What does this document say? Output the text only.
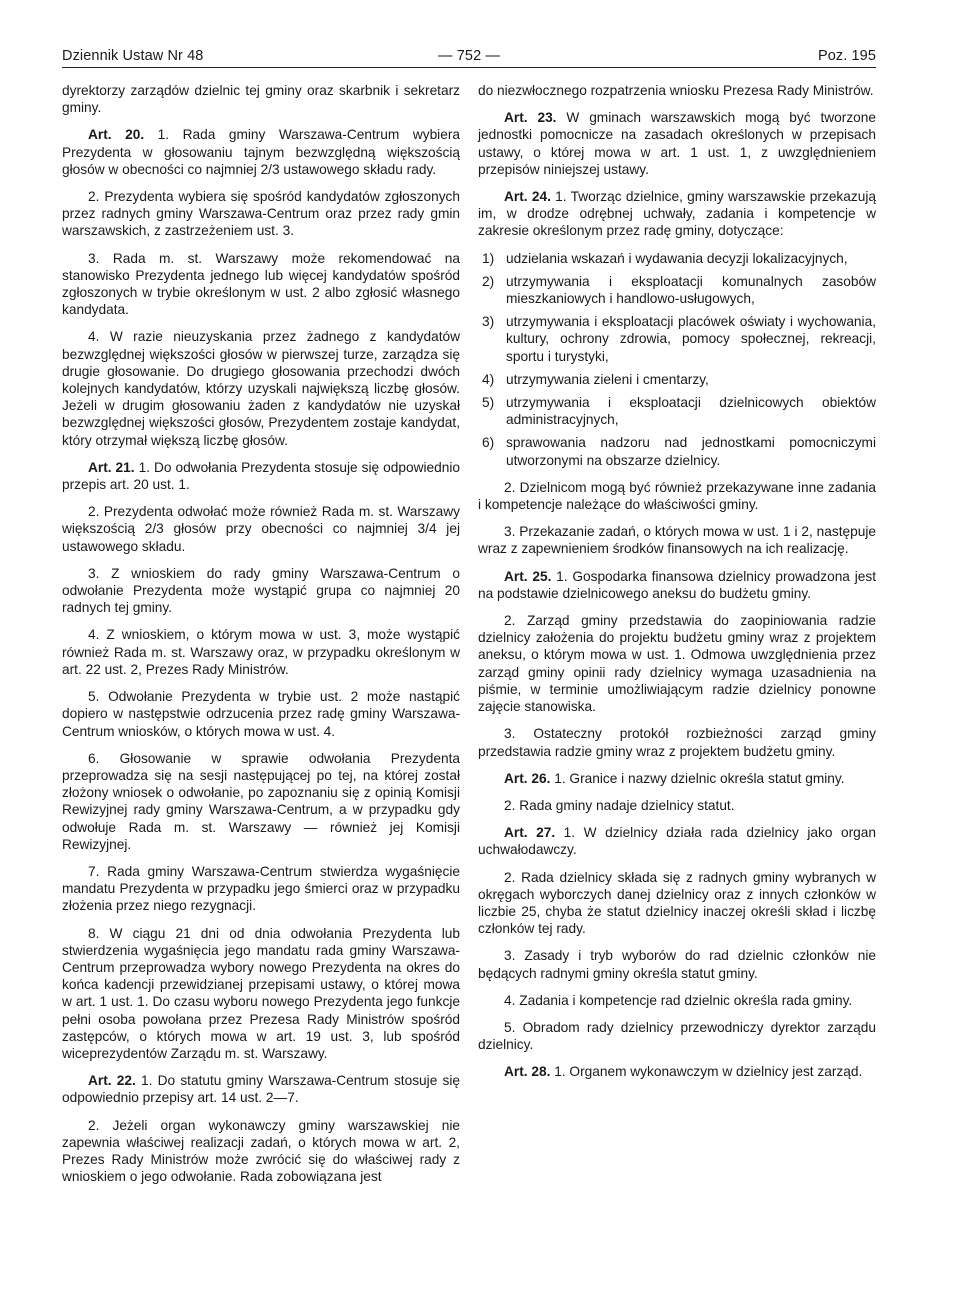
Dziennik Ustaw Nr 48	— 752 —	Poz. 195

dyrektorzy zarządów dzielnic tej gminy oraz skarbnik i sekretarz gminy.

Art. 20. 1. Rada gminy Warszawa-Centrum wybiera Prezydenta w głosowaniu tajnym bezwzględną większością głosów w obecności co najmniej 2/3 ustawowego składu rady.

2. Prezydenta wybiera się spośród kandydatów zgłoszonych przez radnych gminy Warszawa-Centrum oraz przez rady gmin warszawskich, z zastrzeżeniem ust. 3.

3. Rada m. st. Warszawy może rekomendować na stanowisko Prezydenta jednego lub więcej kandydatów spośród zgłoszonych w trybie określonym w ust. 2 albo zgłosić własnego kandydata.

4. W razie nieuzyskania przez żadnego z kandydatów bezwzględnej większości głosów w pierwszej turze, zarządza się drugie głosowanie. Do drugiego głosowania przechodzi dwóch kolejnych kandydatów, którzy uzyskali największą liczbę głosów. Jeżeli w drugim głosowaniu żaden z kandydatów nie uzyskał bezwzględnej większości głosów, Prezydentem zostaje kandydat, który otrzymał większą liczbę głosów.

Art. 21. 1. Do odwołania Prezydenta stosuje się odpowiednio przepis art. 20 ust. 1.

2. Prezydenta odwołać może również Rada m. st. Warszawy większością 2/3 głosów przy obecności co najmniej 3/4 jej ustawowego składu.

3. Z wnioskiem do rady gminy Warszawa-Centrum o odwołanie Prezydenta może wystąpić grupa co najmniej 20 radnych tej gminy.

4. Z wnioskiem, o którym mowa w ust. 3, może wystąpić również Rada m. st. Warszawy oraz, w przypadku określonym w art. 22 ust. 2, Prezes Rady Ministrów.

5. Odwołanie Prezydenta w trybie ust. 2 może nastąpić dopiero w następstwie odrzucenia przez radę gminy Warszawa-Centrum wniosków, o których mowa w ust. 4.

6. Głosowanie w sprawie odwołania Prezydenta przeprowadza się na sesji następującej po tej, na której został złożony wniosek o odwołanie, po zapoznaniu się z opinią Komisji Rewizyjnej rady gminy Warszawa-Centrum, a w przypadku gdy odwołuje Rada m. st. Warszawy — również jej Komisji Rewizyjnej.

7. Rada gminy Warszawa-Centrum stwierdza wygaśnięcie mandatu Prezydenta w przypadku jego śmierci oraz w przypadku złożenia przez niego rezygnacji.

8. W ciągu 21 dni od dnia odwołania Prezydenta lub stwierdzenia wygaśnięcia jego mandatu rada gminy Warszawa-Centrum przeprowadza wybory nowego Prezydenta na okres do końca kadencji przewidzianej przepisami ustawy, o której mowa w art. 1 ust. 1. Do czasu wyboru nowego Prezydenta jego funkcje pełni osoba powołana przez Prezesa Rady Ministrów spośród zastępców, o których mowa w art. 19 ust. 3, lub spośród wiceprezydentów Zarządu m. st. Warszawy.

Art. 22. 1. Do statutu gminy Warszawa-Centrum stosuje się odpowiednio przepisy art. 14 ust. 2—7.

2. Jeżeli organ wykonawczy gminy warszawskiej nie zapewnia właściwej realizacji zadań, o których mowa w art. 2, Prezes Rady Ministrów może zwrócić się do właściwej rady z wnioskiem o jego odwołanie. Rada zobowiązana jest

do niezwłocznego rozpatrzenia wniosku Prezesa Rady Ministrów.

Art. 23. W gminach warszawskich mogą być tworzone jednostki pomocnicze na zasadach określonych w przepisach ustawy, o której mowa w art. 1 ust. 1, z uwzględnieniem przepisów niniejszej ustawy.

Art. 24. 1. Tworząc dzielnice, gminy warszawskie przekazują im, w drodze odrębnej uchwały, zadania i kompetencje w zakresie określonym przez radę gminy, dotyczące:

1) udzielania wskazań i wydawania decyzji lokalizacyjnych,
2) utrzymywania i eksploatacji komunalnych zasobów mieszkaniowych i handlowo-usługowych,
3) utrzymywania i eksploatacji placówek oświaty i wychowania, kultury, ochrony zdrowia, pomocy społecznej, rekreacji, sportu i turystyki,
4) utrzymywania zieleni i cmentarzy,
5) utrzymywania i eksploatacji dzielnicowych obiektów administracyjnych,
6) sprawowania nadzoru nad jednostkami pomocniczymi utworzonymi na obszarze dzielnicy.

2. Dzielnicom mogą być również przekazywane inne zadania i kompetencje należące do właściwości gminy.

3. Przekazanie zadań, o których mowa w ust. 1 i 2, następuje wraz z zapewnieniem środków finansowych na ich realizację.

Art. 25. 1. Gospodarka finansowa dzielnicy prowadzona jest na podstawie dzielnicowego aneksu do budżetu gminy.

2. Zarząd gminy przedstawia do zaopiniowania radzie dzielnicy założenia do projektu budżetu gminy wraz z projektem aneksu, o którym mowa w ust. 1. Odmowa uwzględnienia przez zarząd gminy opinii rady dzielnicy wymaga uzasadnienia na piśmie, w terminie umożliwiającym radzie dzielnicy ponowne zajęcie stanowiska.

3. Ostateczny protokół rozbieżności zarząd gminy przedstawia radzie gminy wraz z projektem budżetu gminy.

Art. 26. 1. Granice i nazwy dzielnic określa statut gminy.

2. Rada gminy nadaje dzielnicy statut.

Art. 27. 1. W dzielnicy działa rada dzielnicy jako organ uchwałodawczy.

2. Rada dzielnicy składa się z radnych gminy wybranych w okręgach wyborczych danej dzielnicy oraz z innych członków w liczbie 25, chyba że statut dzielnicy inaczej określi skład i liczbę członków tej rady.

3. Zasady i tryb wyborów do rad dzielnic członków nie będących radnymi gminy określa statut gminy.

4. Zadania i kompetencje rad dzielnic określa rada gminy.

5. Obradom rady dzielnicy przewodniczy dyrektor zarządu dzielnicy.

Art. 28. 1. Organem wykonawczym w dzielnicy jest zarząd.
